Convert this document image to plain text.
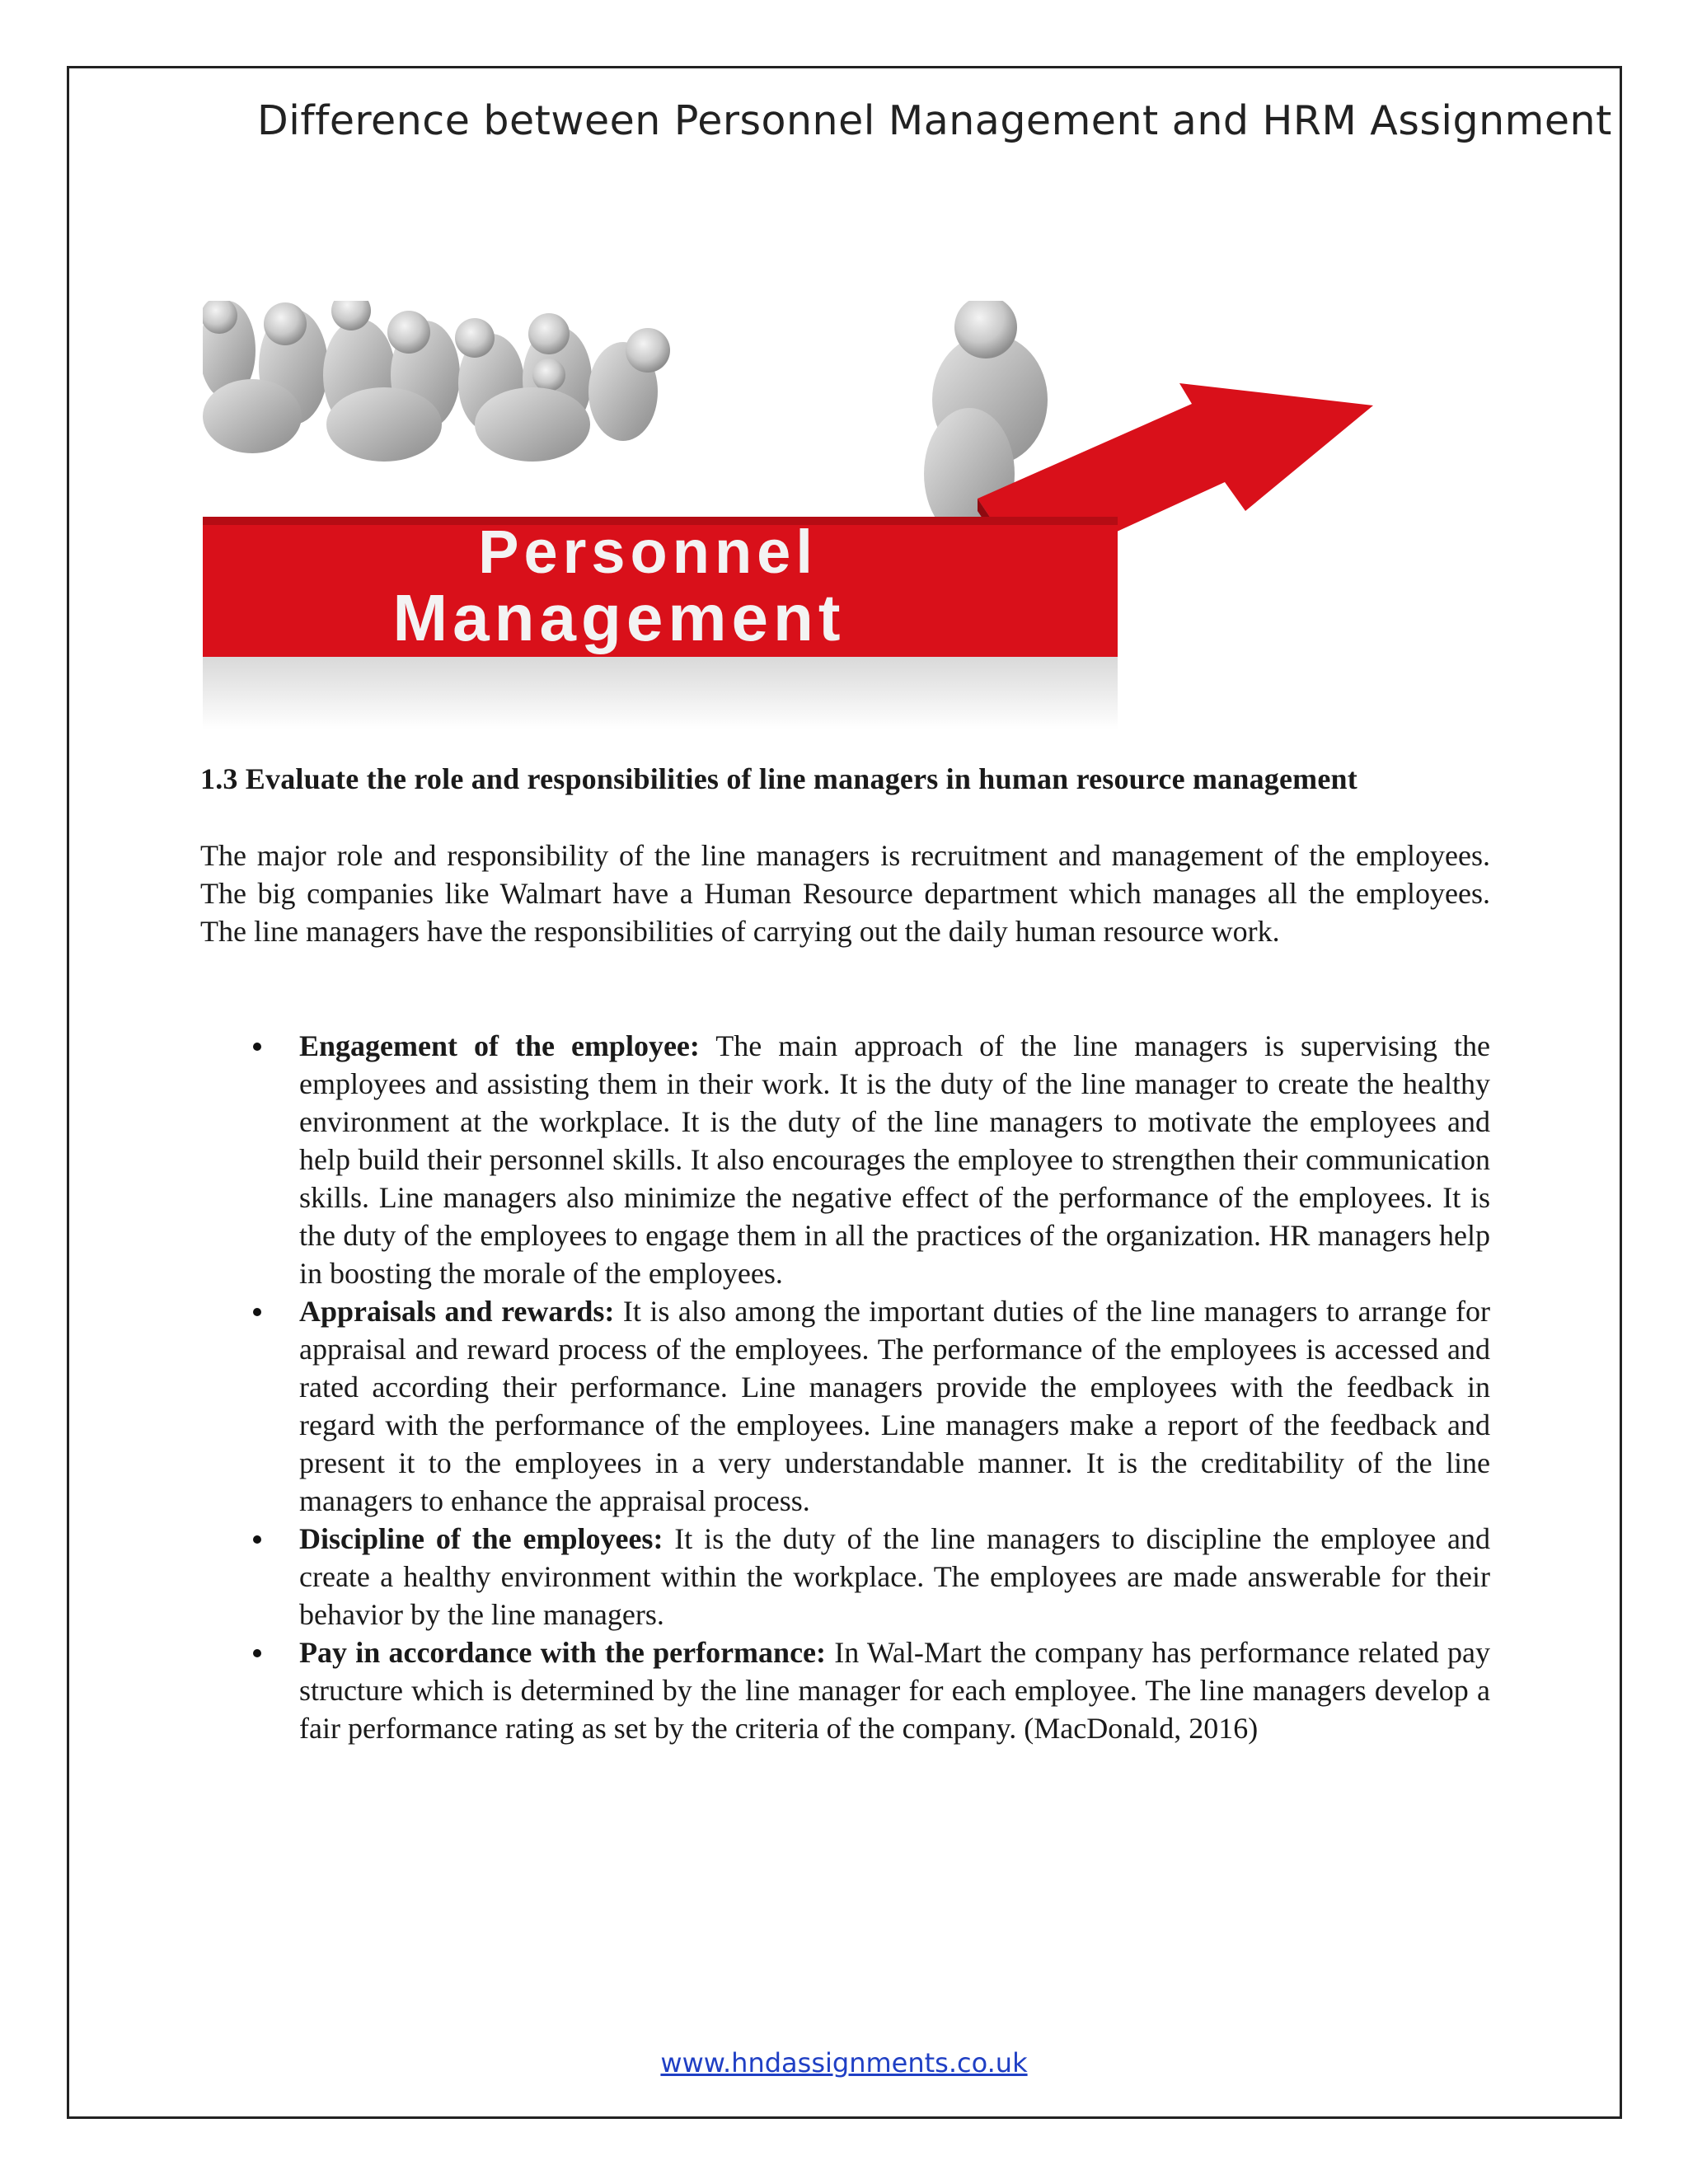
Difference between Personnel Management and HRM Assignment
Personnel
Management
1.3 Evaluate the role and responsibilities of line managers in human resource management
The major role and responsibility of the line managers is recruitment and management of the employees. The big companies like Walmart have a Human Resource department which manages all the employees. The line managers have the responsibilities of carrying out the daily human resource work.
Engagement of the employee: The main approach of the line managers is supervising the employees and assisting them in their work. It is the duty of the line manager to create the healthy environment at the workplace. It is the duty of the line managers to motivate the employees and help build their personnel skills. It also encourages the employee to strengthen their communication skills. Line managers also minimize the negative effect of the performance of the employees. It is the duty of the employees to engage them in all the practices of the organization. HR managers help in boosting the morale of the employees.
Appraisals and rewards: It is also among the important duties of the line managers to arrange for appraisal and reward process of the employees. The performance of the employees is accessed and rated according their performance. Line managers provide the employees with the feedback in regard with the performance of the employees. Line managers make a report of the feedback and present it to the employees in a very understandable manner. It is the creditability of the line managers to enhance the appraisal process.
Discipline of the employees: It is the duty of the line managers to discipline the employee and create a healthy environment within the workplace. The employees are made answerable for their behavior by the line managers.
Pay in accordance with the performance: In Wal-Mart the company has performance related pay structure which is determined by the line manager for each employee. The line managers develop a fair performance rating as set by the criteria of the company. (MacDonald, 2016)
www.hndassignments.co.uk
